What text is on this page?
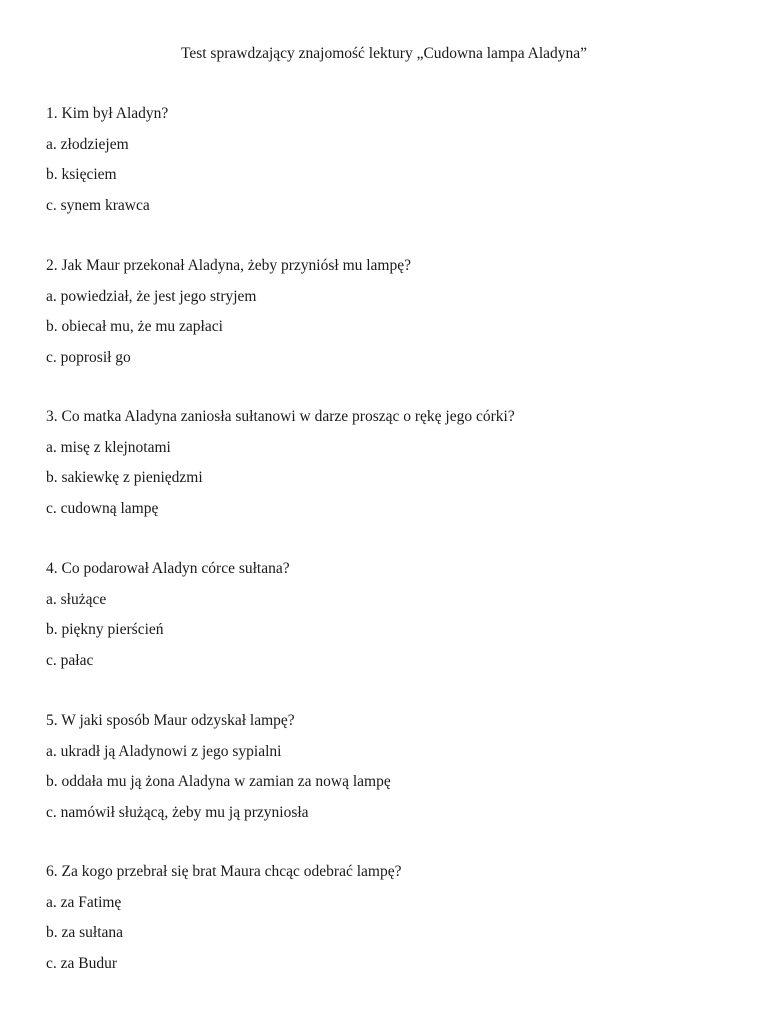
Test sprawdzający znajomość lektury „Cudowna lampa Aladyna”
1. Kim był Aladyn?
a. złodziejem
b. księciem
c. synem krawca
2. Jak Maur przekonał Aladyna, żeby przyniósł mu lampę?
a. powiedział, że jest jego stryjem
b. obiecał mu, że mu zapłaci
c. poprosił go
3. Co matka Aladyna zaniosła sułtanowi w darze prosząc o rękę jego córki?
a. misę z klejnotami
b. sakiewkę z pieniędzmi
c. cudowną lampę
4. Co podarował Aladyn córce sułtana?
a. służące
b. piękny pierścień
c. pałac
5. W jaki sposób Maur odzyskał lampę?
a. ukradł ją Aladynowi z jego sypialni
b. oddała mu ją żona Aladyna w zamian za nową lampę
c. namówił służącą, żeby mu ją przyniosła
6. Za kogo przebrał się brat Maura chcąc odebrać lampę?
a. za Fatimę
b. za sułtana
c. za Budur
